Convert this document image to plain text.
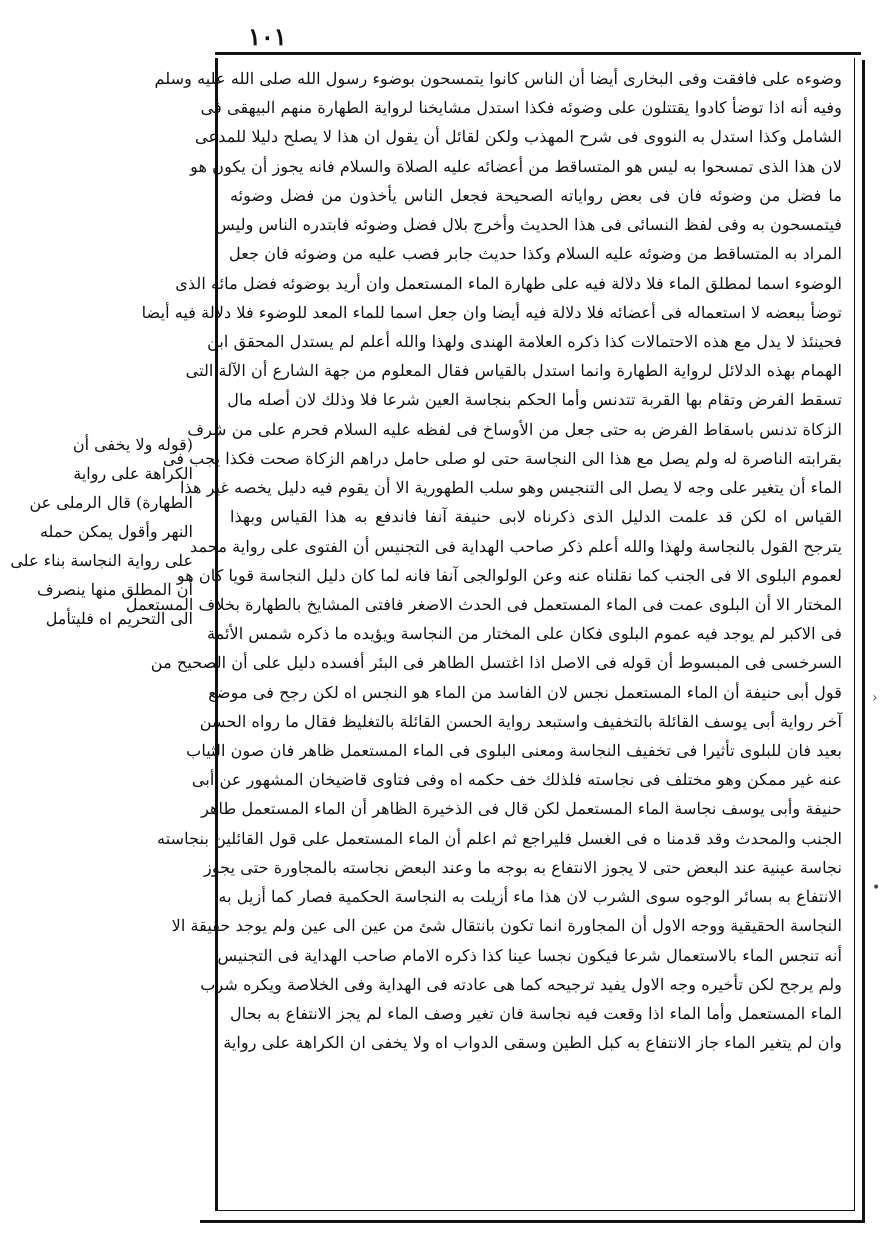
١٠١
وضوءه على فافقت وفى البخارى أيضا أن الناس كانوا يتمسحون بوضوء رسول الله صلى الله عليه وسلم
وفيه أنه اذا توضأ كادوا يقتتلون على وضوئه فكذا استدل مشايخنا لرواية الطهارة منهم البيهقى فى
الشامل وكذا استدل به النووى فى شرح المهذب ولكن لقائل أن يقول ان هذا لا يصلح دليلا للمدعى
لان هذا الذى تمسحوا به ليس هو المتساقط من أعضائه عليه الصلاة والسلام فانه يجوز أن يكون هو
ما فضل من وضوئه فان فى بعض رواياته الصحيحة فجعل الناس يأخذون من فضل وضوئه
فيتمسحون به وفى لفظ النسائى فى هذا الحديث وأخرج بلال فضل وضوئه فابتدره الناس وليس
المراد به المتساقط من وضوئه عليه السلام وكذا حديث جابر فصب عليه من وضوئه فان جعل
الوضوء اسما لمطلق الماء فلا دلالة فيه على طهارة الماء المستعمل وان أريد بوضوئه فضل مائه الذى
توضأ ببعضه لا استعماله فى أعضائه فلا دلالة فيه أيضا وان جعل اسما للماء المعد للوضوء فلا دلالة فيه أيضا
فحينئذ لا يدل مع هذه الاحتمالات كذا ذكره العلامة الهندى ولهذا والله أعلم لم يستدل المحقق ابن
الهمام بهذه الدلائل لرواية الطهارة وانما استدل بالقياس فقال المعلوم من جهة الشارع أن الآلة التى
تسقط الفرض وتقام بها القربة تتدنس وأما الحكم بنجاسة العين شرعا فلا وذلك لان أصله مال
الزكاة تدنس باسقاط الفرض به حتى جعل من الأوساخ فى لفظه عليه السلام فحرم على من شرف
بقرابته الناصرة له ولم يصل مع هذا الى النجاسة حتى لو صلى حامل دراهم الزكاة صحت فكذا يجب فى
الماء أن يتغير على وجه لا يصل الى التنجيس وهو سلب الطهورية الا أن يقوم فيه دليل يخصه غير هذا
القياس اه لكن قد علمت الدليل الذى ذكرناه لابى حنيفة آنفا فاندفع به هذا القياس وبهذا
يترجح القول بالنجاسة ولهذا والله أعلم ذكر صاحب الهداية فى التجنيس أن الفتوى على رواية محمد
لعموم البلوى الا فى الجنب كما نقلناه عنه وعن الولوالجى آنفا فانه لما كان دليل النجاسة قويا كان هو
المختار الا أن البلوى عمت فى الماء المستعمل فى الحدث الاصغر فافتى المشايخ بالطهارة بخلاف المستعمل
فى الاكبر لم يوجد فيه عموم البلوى فكان على المختار من النجاسة ويؤيده ما ذكره شمس الأئمة
السرخسى فى المبسوط أن قوله فى الاصل اذا اغتسل الطاهر فى البئر أفسده دليل على أن الصحيح من
قول أبى حنيفة أن الماء المستعمل نجس لان الفاسد من الماء هو النجس اه لكن رجح فى موضع
آخر رواية أبى يوسف القائلة بالتخفيف واستبعد رواية الحسن القائلة بالتغليظ فقال ما رواه الحسن
بعيد فان للبلوى تأثيرا فى تخفيف النجاسة ومعنى البلوى فى الماء المستعمل ظاهر فان صون الثياب
عنه غير ممكن وهو مختلف فى نجاسته فلذلك خف حكمه اه وفى فتاوى قاضيخان المشهور عن أبى
حنيفة وأبى يوسف نجاسة الماء المستعمل لكن قال فى الذخيرة الظاهر أن الماء المستعمل طاهر
الجنب والمحدث وقد قدمنا ه فى الغسل فليراجع ثم اعلم أن الماء المستعمل على قول القائلين بنجاسته
نجاسة عينية عند البعض حتى لا يجوز الانتفاع به بوجه ما وعند البعض نجاسته بالمجاورة حتى يجوز
الانتفاع به بسائر الوجوه سوى الشرب لان هذا ماء أزيلت به النجاسة الحكمية فصار كما أزيل به
النجاسة الحقيقية ووجه الاول أن المجاورة انما تكون بانتقال شئ من عين الى عين ولم يوجد حقيقة الا
أنه تنجس الماء بالاستعمال شرعا فيكون نجسا عينا كذا ذكره الامام صاحب الهداية فى التجنيس
ولم يرجح لكن تأخيره وجه الاول يفيد ترجيحه كما هى عادته فى الهداية وفى الخلاصة ويكره شرب
الماء المستعمل وأما الماء اذا وقعت فيه نجاسة فان تغير وصف الماء لم يجز الانتفاع به بحال
وان لم يتغير الماء جاز الانتفاع به كبل الطين وسقى الدواب اه ولا يخفى ان الكراهة على رواية
(قوله ولا يخفى أن
الكراهة على رواية
الطهارة) قال الرملى عن
النهر وأقول يمكن حمله
على رواية النجاسة بناء على
أن المطلق منها ينصرف
الى التحريم اه فليتأمل
›
•
